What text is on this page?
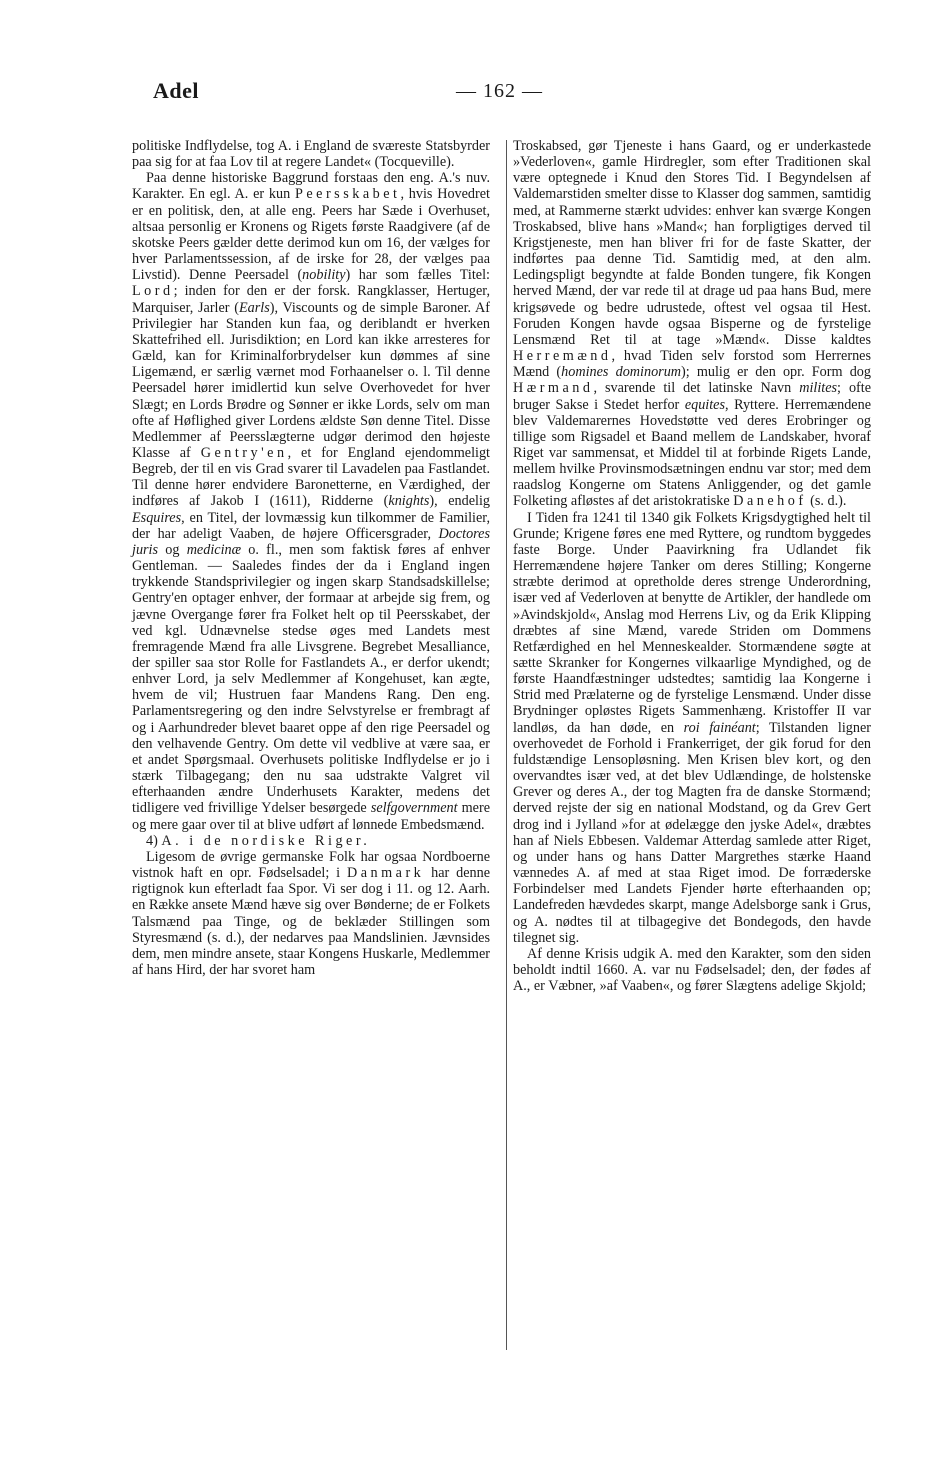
Adel	— 162 —

politiske Indflydelse, tog A. i England de sværeste Statsbyrder paa sig for at faa Lov til at regere Landet« (Tocqueville).

Paa denne historiske Baggrund forstaas den eng. A.'s nuv. Karakter. En egl. A. er kun Peersskabet, hvis Hovedret er en politisk, den, at alle eng. Peers har Sæde i Overhuset, altsaa personlig er Kronens og Rigets første Raadgivere (af de skotske Peers gælder dette derimod kun om 16, der vælges for hver Parlamentssession, af de irske for 28, der vælges paa Livstid). Denne Peersadel (nobility) har som fælles Titel: Lord; inden for den er der forsk. Rangklasser, Hertuger, Marquiser, Jarler (Earls), Viscounts og de simple Baroner. Af Privilegier har Standen kun faa, og deriblandt er hverken Skattefrihed ell. Jurisdiktion; en Lord kan ikke arresteres for Gæld, kan for Kriminalforbrydelser kun dømmes af sine Ligemænd, er særlig værnet mod Forhaanelser o. l. Til denne Peersadel hører imidlertid kun selve Overhovedet for hver Slægt; en Lords Brødre og Sønner er ikke Lords, selv om man ofte af Høflighed giver Lordens ældste Søn denne Titel. Disse Medlemmer af Peersslægterne udgør derimod den højeste Klasse af Gentry'en, et for England ejendommeligt Begreb, der til en vis Grad svarer til Lavadelen paa Fastlandet. Til denne hører endvidere Baronetterne, en Værdighed, der indføres af Jakob I (1611), Ridderne (knights), endelig Esquires, en Titel, der lovmæssig kun tilkommer de Familier, der har adeligt Vaaben, de højere Officersgrader, Doctores juris og medicinæ o. fl., men som faktisk føres af enhver Gentleman. — Saaledes findes der da i England ingen trykkende Standsprivilegier og ingen skarp Standsadskillelse; Gentry'en optager enhver, der formaar at arbejde sig frem, og jævne Overgange fører fra Folket helt op til Peersskabet, der ved kgl. Udnævnelse stedse øges med Landets mest fremragende Mænd fra alle Livsgrene. Begrebet Mesalliance, der spiller saa stor Rolle for Fastlandets A., er derfor ukendt; enhver Lord, ja selv Medlemmer af Kongehuset, kan ægte, hvem de vil; Hustruen faar Mandens Rang. Den eng. Parlamentsregering og den indre Selvstyrelse er frembragt af og i Aarhundreder blevet baaret oppe af den rige Peersadel og den velhavende Gentry. Om dette vil vedblive at være saa, er et andet Spørgsmaal. Overhusets politiske Indflydelse er jo i stærk Tilbagegang; den nu saa udstrakte Valgret vil efterhaanden ændre Underhusets Karakter, medens det tidligere ved frivillige Ydelser besørgede selfgovernment mere og mere gaar over til at blive udført af lønnede Embedsmænd.

4) A. i de nordiske Riger.

Ligesom de øvrige germanske Folk har ogsaa Nordboerne vistnok haft en opr. Fødselsadel; i Danmark har denne rigtignok kun efterladt faa Spor. Vi ser dog i 11. og 12. Aarh. en Række ansete Mænd hæve sig over Bønderne; de er Folkets Talsmænd paa Tinge, og de beklæder Stillingen som Styresmænd (s. d.), der nedarves paa Mandslinien. Jævnsides dem, men mindre ansete, staar Kongens Huskarle, Medlemmer af hans Hird, der har svoret ham

Troskabsed, gør Tjeneste i hans Gaard, og er underkastede »Vederloven«, gamle Hirdregler, som efter Traditionen skal være optegnede i Knud den Stores Tid. I Begyndelsen af Valdemarstiden smelter disse to Klasser dog sammen, samtidig med, at Rammerne stærkt udvides: enhver kan sværge Kongen Troskabsed, blive hans »Mand«; han forpligtiges derved til Krigstjeneste, men han bliver fri for de faste Skatter, der indførtes paa denne Tid. Samtidig med, at den alm. Ledingspligt begyndte at falde Bonden tungere, fik Kongen herved Mænd, der var rede til at drage ud paa hans Bud, mere krigsøvede og bedre udrustede, oftest vel ogsaa til Hest. Foruden Kongen havde ogsaa Bisperne og de fyrstelige Lensmænd Ret til at tage »Mænd«. Disse kaldtes Herremænd, hvad Tiden selv forstod som Herrernes Mænd (homines dominorum); mulig er den opr. Form dog Hærmand, svarende til det latinske Navn milites; ofte bruger Sakse i Stedet herfor equites, Ryttere. Herremændene blev Valdemarernes Hovedstøtte ved deres Erobringer og tillige som Rigsadel et Baand mellem de Landskaber, hvoraf Riget var sammensat, et Middel til at forbinde Rigets Lande, mellem hvilke Provinsmodsætningen endnu var stor; med dem raadslog Kongerne om Statens Anliggender, og det gamle Folketing afløstes af det aristokratiske Danehof (s. d.).

I Tiden fra 1241 til 1340 gik Folkets Krigsdygtighed helt til Grunde; Krigene føres ene med Ryttere, og rundtom byggedes faste Borge. Under Paavirkning fra Udlandet fik Herremændene højere Tanker om deres Stilling; Kongerne stræbte derimod at opretholde deres strenge Underordning, især ved af Vederloven at benytte de Artikler, der handlede om »Avindskjold«, Anslag mod Herrens Liv, og da Erik Klipping dræbtes af sine Mænd, varede Striden om Dommens Retfærdighed en hel Menneskealder. Stormændene søgte at sætte Skranker for Kongernes vilkaarlige Myndighed, og de første Haandfæstninger udstedtes; samtidig laa Kongerne i Strid med Prælaterne og de fyrstelige Lensmænd. Under disse Brydninger opløstes Rigets Sammenhæng. Kristoffer II var landløs, da han døde, en roi fainéant; Tilstanden ligner overhovedet de Forhold i Frankerriget, der gik forud for den fuldstændige Lensopløsning. Men Krisen blev kort, og den overvandtes især ved, at det blev Udlændinge, de holstenske Grever og deres A., der tog Magten fra de danske Stormænd; derved rejste der sig en national Modstand, og da Grev Gert drog ind i Jylland »for at ødelægge den jyske Adel«, dræbtes han af Niels Ebbesen. Valdemar Atterdag samlede atter Riget, og under hans og hans Datter Margrethes stærke Haand vænnedes A. af med at staa Riget imod. De forræderske Forbindelser med Landets Fjender hørte efterhaanden op; Landefreden hævdedes skarpt, mange Adelsborge sank i Grus, og A. nødtes til at tilbagegive det Bondegods, den havde tilegnet sig.

Af denne Krisis udgik A. med den Karakter, som den siden beholdt indtil 1660. A. var nu Fødselsadel; den, der fødes af A., er Væbner, »af Vaaben«, og fører Slægtens adelige Skjold;
